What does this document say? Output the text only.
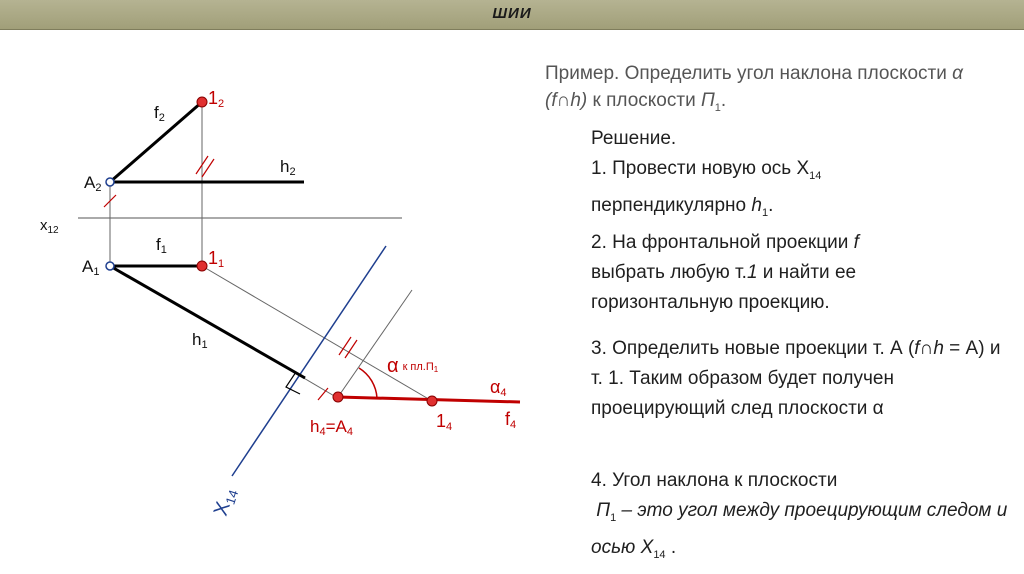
ШИИ
12
f2
A2
h2
$x_{12}$
f1
A1
11
h1
αк пл.П1
α4
h4=A4
14	f4
$X_{14}$

Пример. Определить угол наклона плоскости α (f∩h) к плоскости $П_1$.

Решение.
1. Провести новую ось $X_{14}$
перпендикулярно $h_1$.

2. На фронтальной проекции f выбрать любую т.1 и найти ее горизонтальную проекцию.

3. Определить новые проекции т. А (f∩h = А) и т. 1. Таким образом будет получен проецирующий след плоскости α

4. Угол наклона к плоскости
$П_1$ – это угол между проецирующим следом и осью $X_{14}$ .
